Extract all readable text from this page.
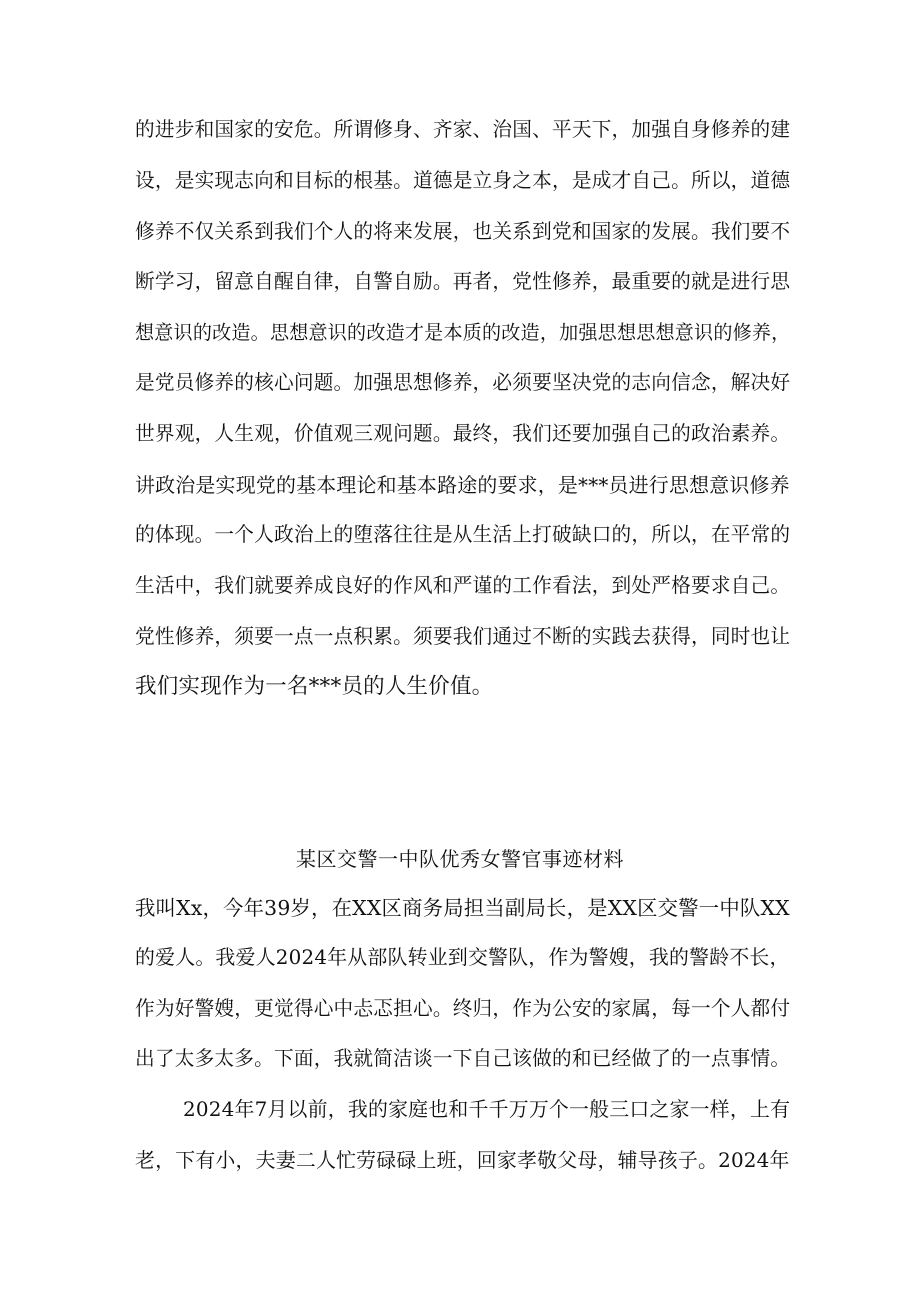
的进步和国家的安危。所谓修身、齐家、治国、平天下，加强自身修养的建
设，是实现志向和目标的根基。道德是立身之本，是成才自己。所以，道德
修养不仅关系到我们个人的将来发展，也关系到党和国家的发展。我们要不
断学习，留意自醒自律，自警自励。再者，党性修养，最重要的就是进行思
想意识的改造。思想意识的改造才是本质的改造，加强思想思想意识的修养，
是党员修养的核心问题。加强思想修养，必须要坚决党的志向信念，解决好
世界观，人生观，价值观三观问题。最终，我们还要加强自己的政治素养。
讲政治是实现党的基本理论和基本路途的要求，是***员进行思想意识修养
的体现。一个人政治上的堕落往往是从生活上打破缺口的，所以，在平常的
生活中，我们就要养成良好的作风和严谨的工作看法，到处严格要求自己。
党性修养，须要一点一点积累。须要我们通过不断的实践去获得，同时也让
我们实现作为一名***员的人生价值。
某区交警一中队优秀女警官事迹材料
我叫Xx，今年39岁，在XX区商务局担当副局长，是XX区交警一中队XX
的爱人。我爱人2024年从部队转业到交警队，作为警嫂，我的警龄不长，
作为好警嫂，更觉得心中忐忑担心。终归，作为公安的家属，每一个人都付
出了太多太多。下面，我就简洁谈一下自己该做的和已经做了的一点事情。
2024年7月以前，我的家庭也和千千万万个一般三口之家一样，上有
老，下有小，夫妻二人忙劳碌碌上班，回家孝敬父母，辅导孩子。2024年
